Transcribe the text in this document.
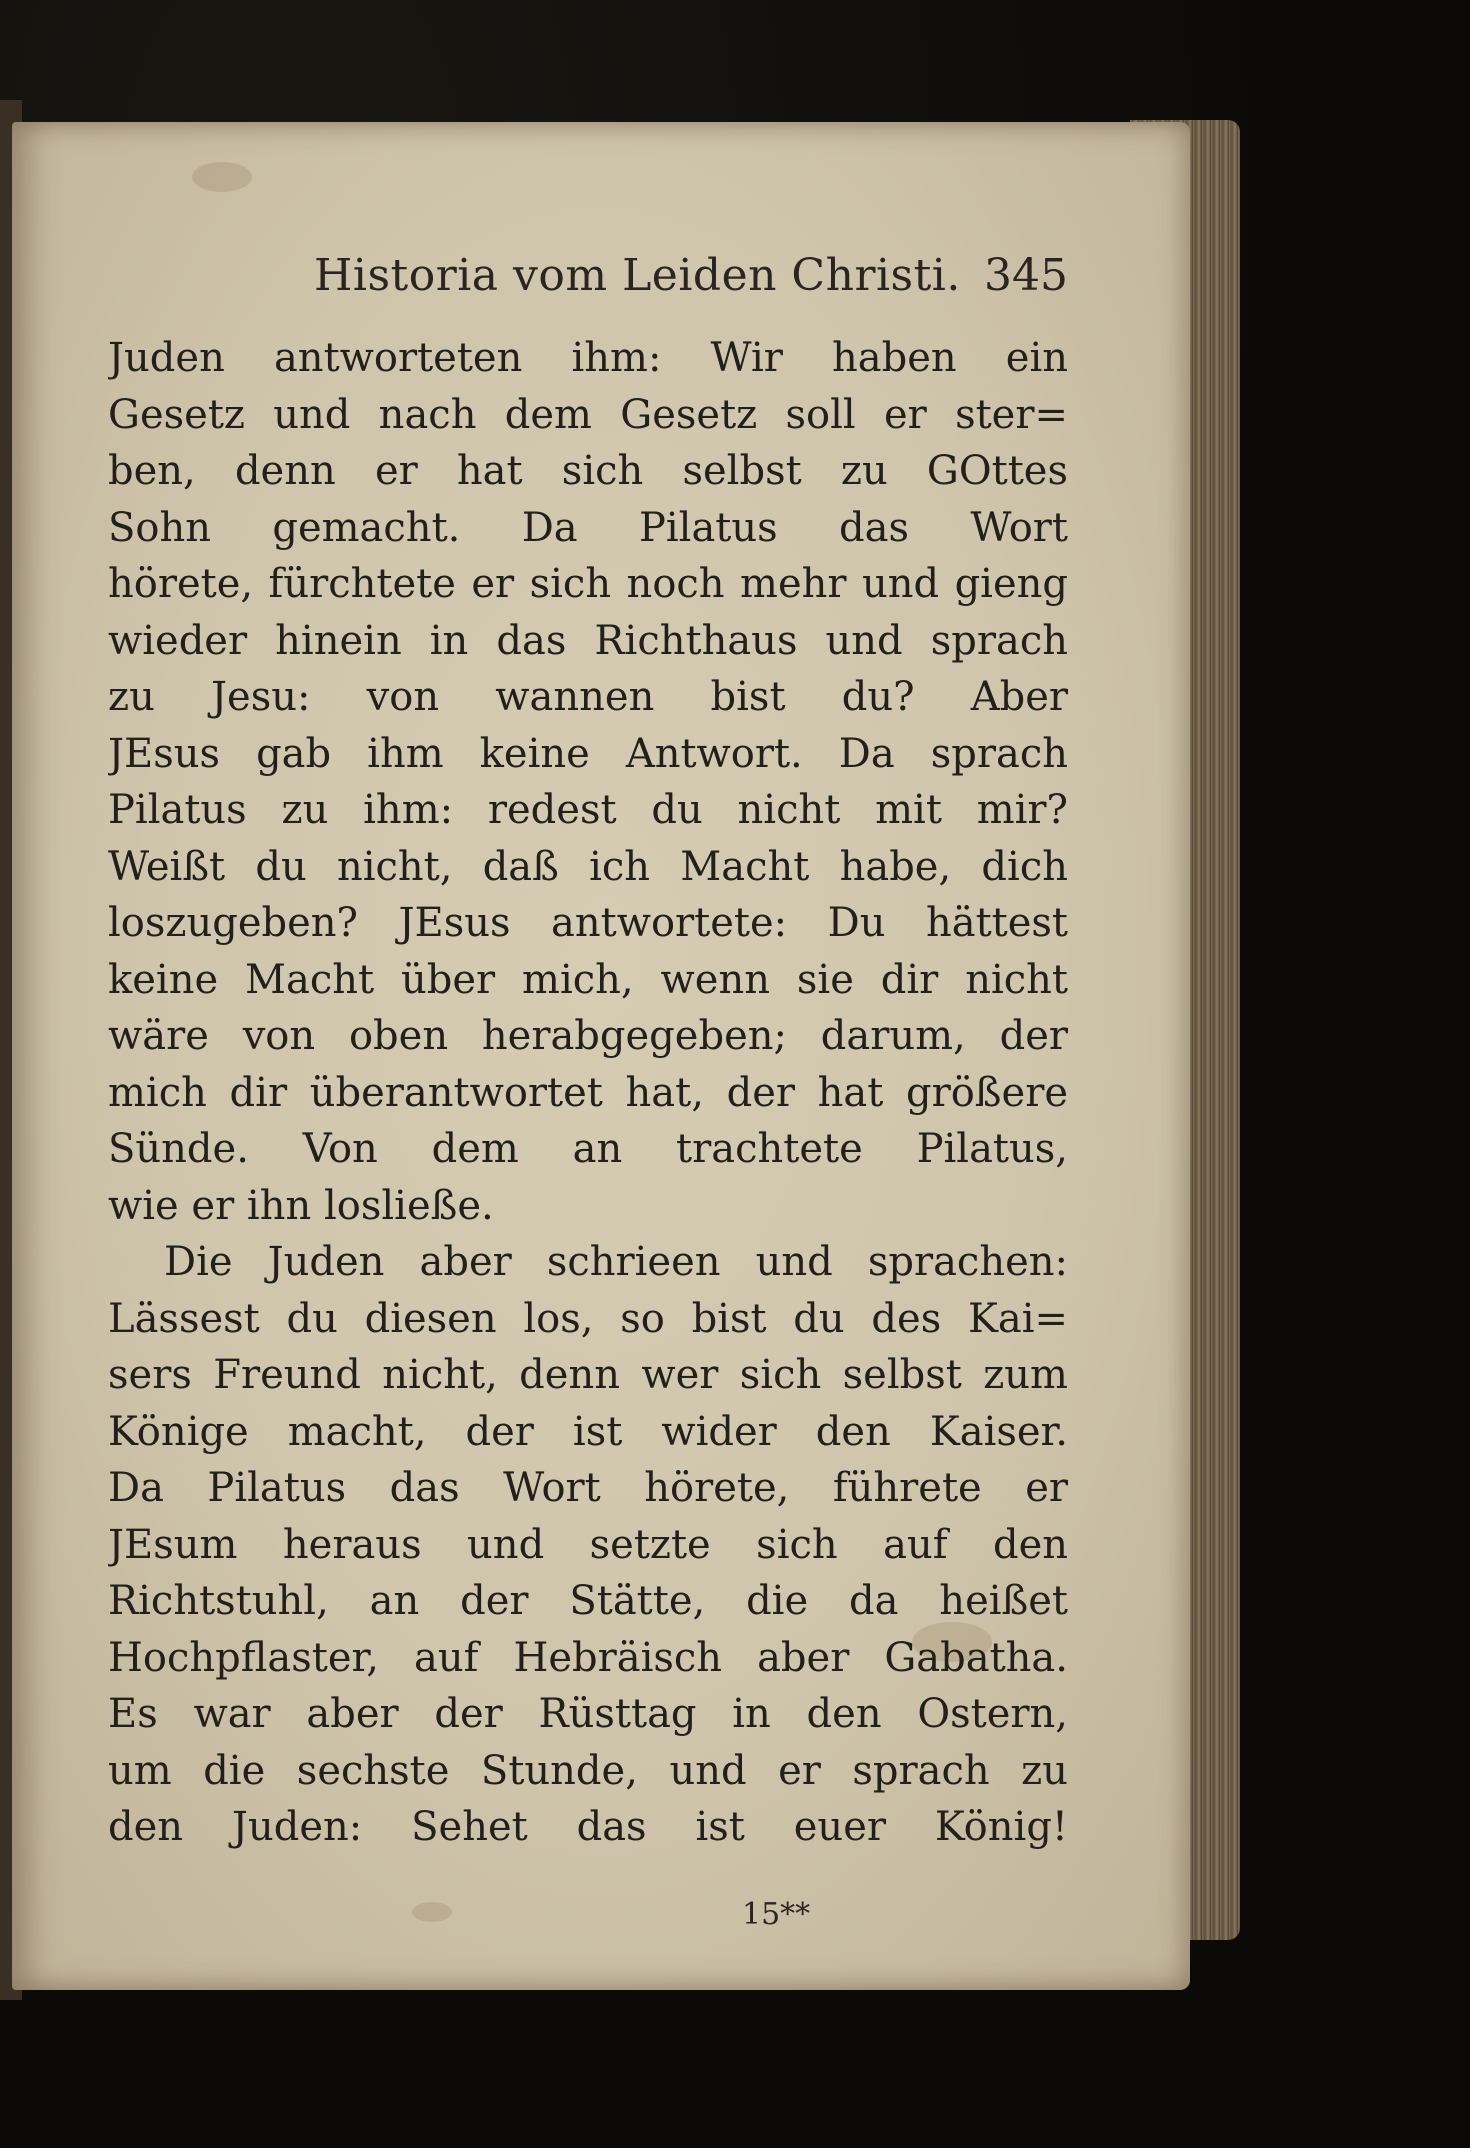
Historia vom Leiden Christi. 345
Juden antworteten ihm: Wir haben ein
Gesetz und nach dem Gesetz soll er ster=
ben, denn er hat sich selbst zu GOttes
Sohn gemacht. Da Pilatus das Wort
hörete, fürchtete er sich noch mehr und gieng
wieder hinein in das Richthaus und sprach
zu Jesu: von wannen bist du? Aber
JEsus gab ihm keine Antwort. Da sprach
Pilatus zu ihm: redest du nicht mit mir?
Weißt du nicht, daß ich Macht habe, dich
loszugeben? JEsus antwortete: Du hättest
keine Macht über mich, wenn sie dir nicht
wäre von oben herabgegeben; darum, der
mich dir überantwortet hat, der hat größere
Sünde. Von dem an trachtete Pilatus,
wie er ihn losließe.
Die Juden aber schrieen und sprachen:
Lässest du diesen los, so bist du des Kai=
sers Freund nicht, denn wer sich selbst zum
Könige macht, der ist wider den Kaiser.
Da Pilatus das Wort hörete, führete er
JEsum heraus und setzte sich auf den
Richtstuhl, an der Stätte, die da heißet
Hochpflaster, auf Hebräisch aber Gabatha.
Es war aber der Rüsttag in den Ostern,
um die sechste Stunde, und er sprach zu
den Juden: Sehet das ist euer König!
15**
